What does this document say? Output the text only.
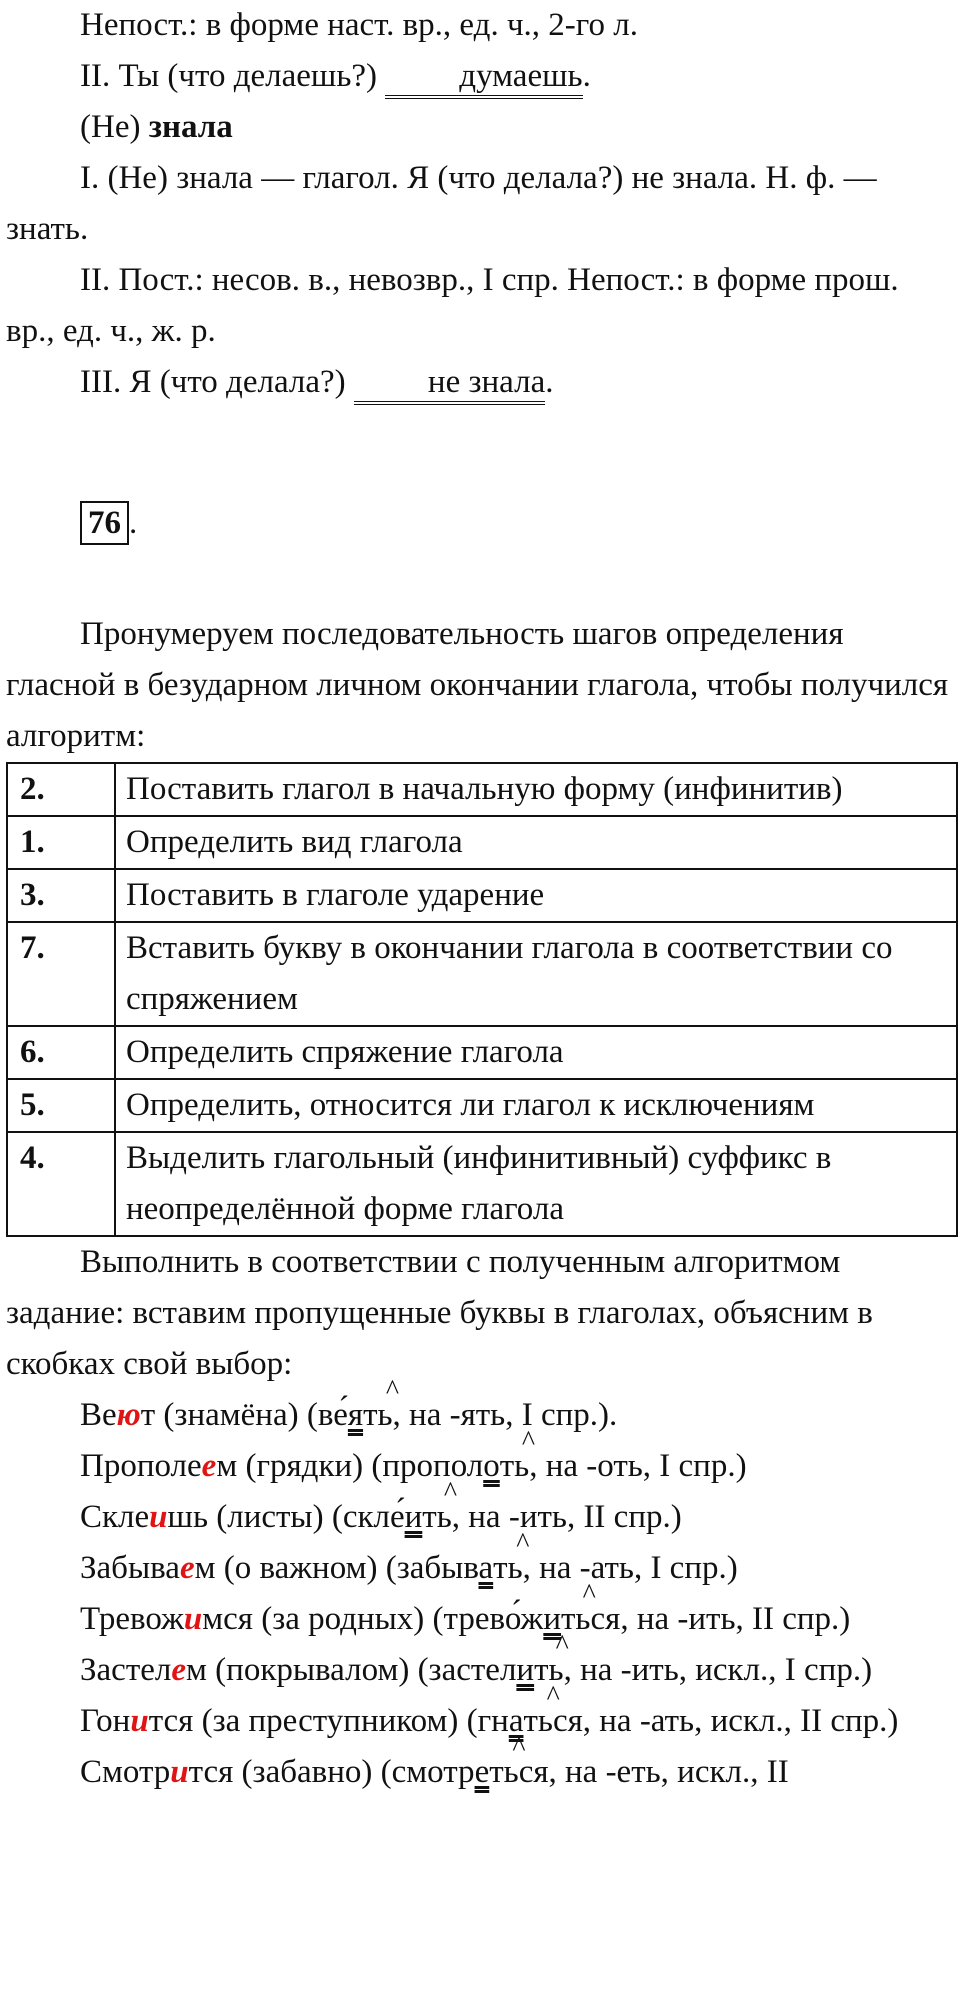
Непост.: в форме наст. вр., ед. ч., 2-го л.

II. Ты (что делаешь?) думаешь.

(Не) знала

I. (Не) знала — глагол. Я (что делала?) не знала. Н. ф. — знать.

II. Пост.: несов. в., невозвр., I спр. Непост.: в форме прош. вр., ед. ч., ж. р.

III. Я (что делала?) не знала.

76 .

Пронумеруем последовательность шагов определения гласной в безударном личном окончании глагола, чтобы получился алгоритм:

2.	Поставить глагол в начальную форму (инфинитив)
1.	Определить вид глагола
3.	Поставить в глаголе ударение
7.	Вставить букву в окончании глагола в соответствии со спряжением
6.	Определить спряжение глагола
5.	Определить, относится ли глагол к исключениям
4.	Выделить глагольный (инфинитивный) суффикс в неопределённой форме глагола

Выполнить в соответствии с полученным алгоритмом задание: вставим пропущенные буквы в глаголах, объясним в скобках свой выбор:

Веют (знамёна) (ве́я
^
ть, на -ять, I спр.).

Прополеем (грядки) (прополо
^
ть, на -оть, I спр.)

Склеишь (листы) (скле́и
^
ть, на -ить, II спр.)

Забываем (о важном) (забыва
^
ть, на -ать, I спр.)

Тревожимся (за родных) (трево́жи
^
ться, на -ить, II спр.)

Застелем (покрывалом) (застели
^
ть, на -ить, искл., I спр.)

Гонится (за преступником) (гна
^
ться, на -ать, искл., II спр.)

Смотрится (забавно) (смотре
^
ться, на -еть, искл., II
